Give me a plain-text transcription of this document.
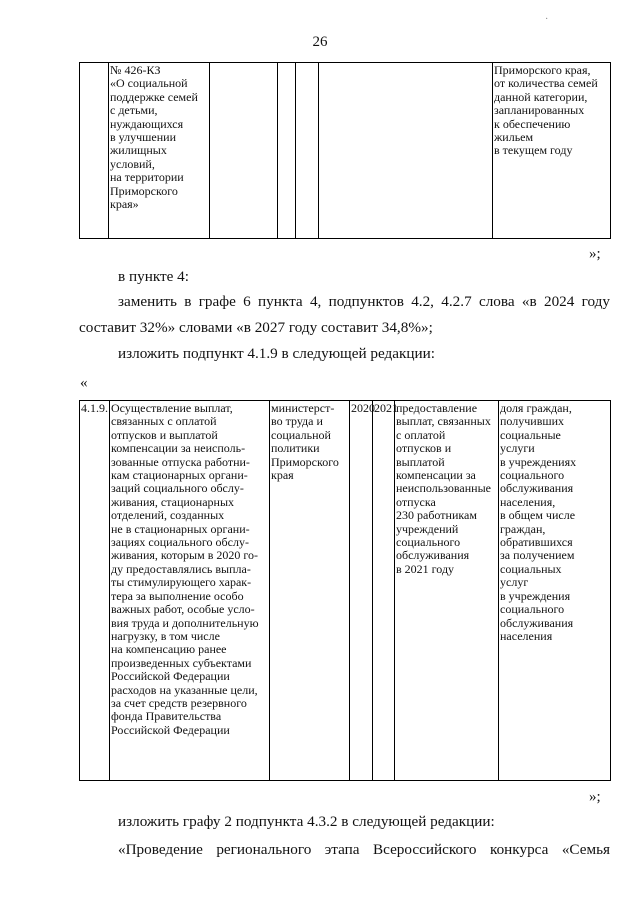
26
·
	№ 426-КЗ
«О социальной
поддержке семей
с детьми,
нуждающихся
в улучшении
жилищных
условий,
на территории
Приморского
края»					Приморского края,
от количества семей
данной категории,
запланированных
к обеспечению жильем
в текущем году
»;
в пункте 4:
заменить в графе 6 пункта 4, подпунктов 4.2, 4.2.7 слова «в 2024 году
составит 32%» словами «в 2027 году составит 34,8%»;
изложить подпункт 4.1.9 в следующей редакции:
«
4.1.9.	Осуществление выплат,
связанных с оплатой
отпусков и выплатой
компенсации за неисполь-
зованные отпуска работни-
кам стационарных органи-
заций социального обслу-
живания, стационарных
отделений, созданных
не в стационарных органи-
зациях социального обслу-
живания, которым в 2020 го-
ду предоставлялись выпла-
ты стимулирующего харак-
тера за выполнение особо
важных работ, особые усло-
вия труда и дополнительную
нагрузку, в том числе
на компенсацию ранее
произведенных субъектами
Российской Федерации
расходов на указанные цели,
за счет средств резервного
фонда Правительства
Российской Федерации	министерст-
во труда и
социальной
политики
Приморского
края	2020	2021	предоставление
выплат, связанных
с оплатой
отпусков и
выплатой
компенсации за
неиспользованные
отпуска
230 работникам
учреждений
социального
обслуживания
в 2021 году	доля граждан,
получивших
социальные
услуги
в учреждениях
социального
обслуживания
населения,
в общем числе
граждан,
обратившихся
за получением
социальных
услуг
в учреждения
социального
обслуживания
населения
»;
изложить графу 2 подпункта 4.3.2 в следующей редакции:
«Проведение регионального этапа Всероссийского конкурса «Семья
